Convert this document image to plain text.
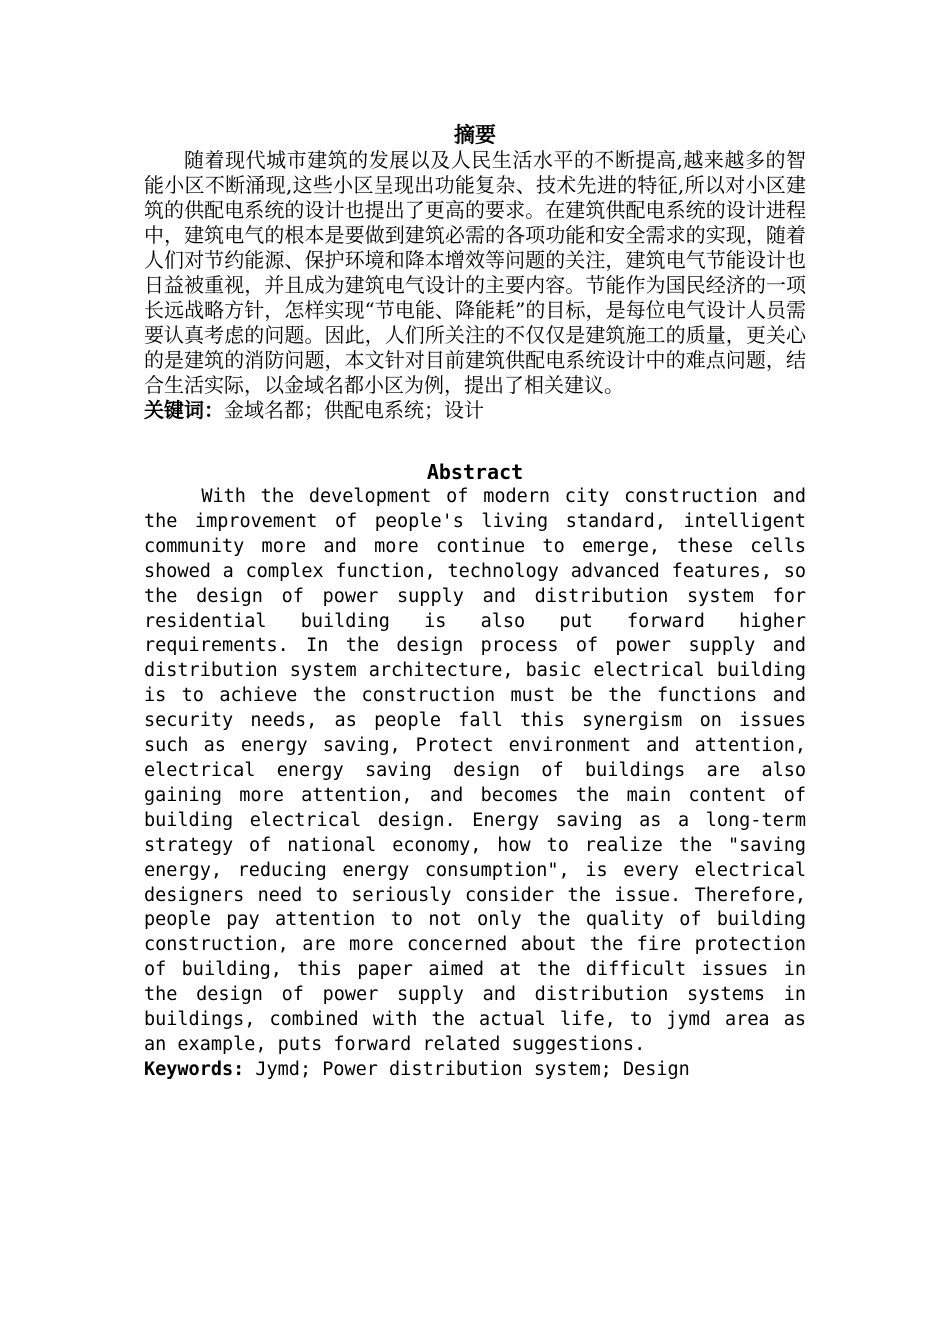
摘要

随着现代城市建筑的发展以及人民生活水平的不断提高,越来越多的智能小区不断涌现,这些小区呈现出功能复杂、技术先进的特征,所以对小区建筑的供配电系统的设计也提出了更高的要求。在建筑供配电系统的设计进程中，建筑电气的根本是要做到建筑必需的各项功能和安全需求的实现，随着人们对节约能源、保护环境和降本增效等问题的关注，建筑电气节能设计也日益被重视，并且成为建筑电气设计的主要内容。节能作为国民经济的一项长远战略方针，怎样实现“节电能、降能耗”的目标，是每位电气设计人员需要认真考虑的问题。因此，人们所关注的不仅仅是建筑施工的质量，更关心的是建筑的消防问题，本文针对目前建筑供配电系统设计中的难点问题，结合生活实际，以金域名都小区为例，提出了相关建议。

关键词：金域名都；供配电系统；设计

Abstract

With the development of modern city construction and the improvement of people's living standard, intelligent community more and more continue to emerge, these cells showed a complex function, technology advanced features, so the design of power supply and distribution system for residential building is also put forward higher requirements. In the design process of power supply and distribution system architecture, basic electrical building is to achieve the construction must be the functions and security needs, as people fall this synergism on issues such as energy saving, Protect environment and attention, electrical energy saving design of buildings are also gaining more attention, and becomes the main content of building electrical design. Energy saving as a long-term strategy of national economy, how to realize the "saving energy, reducing energy consumption", is every electrical designers need to seriously consider the issue. Therefore, people pay attention to not only the quality of building construction, are more concerned about the fire protection of building, this paper aimed at the difficult issues in the design of power supply and distribution systems in buildings, combined with the actual life, to jymd area as an example, puts forward related suggestions.

Keywords: Jymd; Power distribution system; Design
